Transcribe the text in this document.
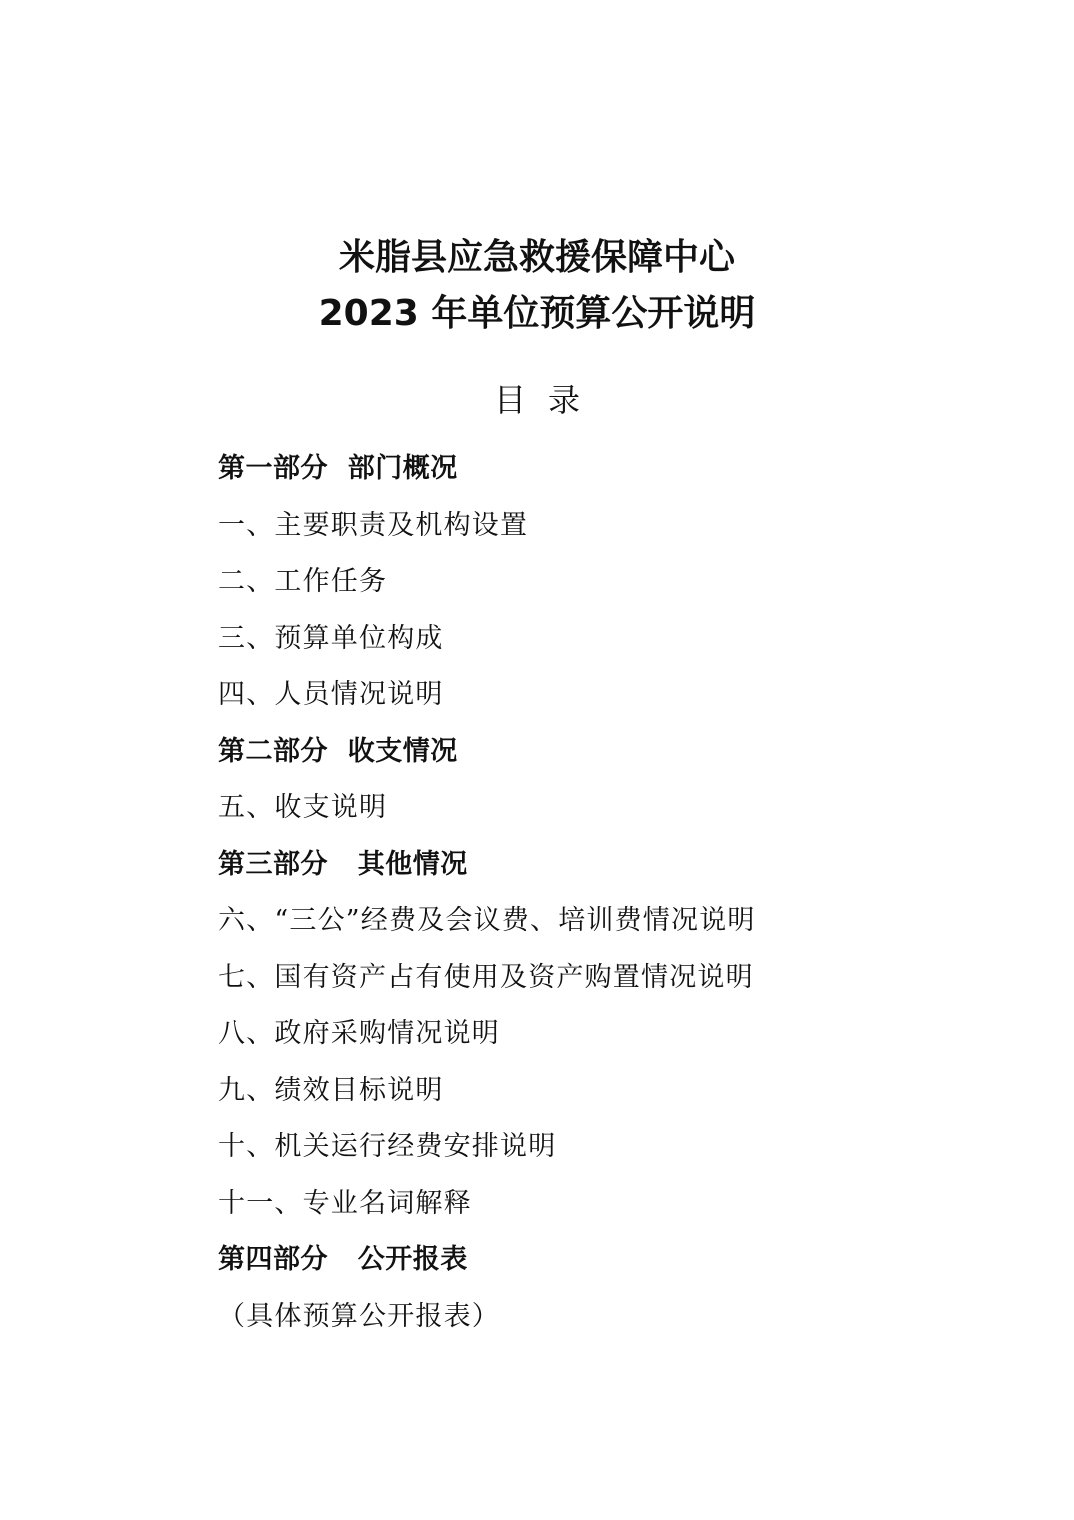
米脂县应急救援保障中心
2023 年单位预算公开说明
目录
第一部分  部门概况
一、主要职责及机构设置
二、工作任务
三、预算单位构成
四、人员情况说明
第二部分  收支情况
五、收支说明
第三部分   其他情况
六、“三公”经费及会议费、培训费情况说明
七、国有资产占有使用及资产购置情况说明
八、政府采购情况说明
九、绩效目标说明
十、机关运行经费安排说明
十一、专业名词解释
第四部分   公开报表
（具体预算公开报表）
